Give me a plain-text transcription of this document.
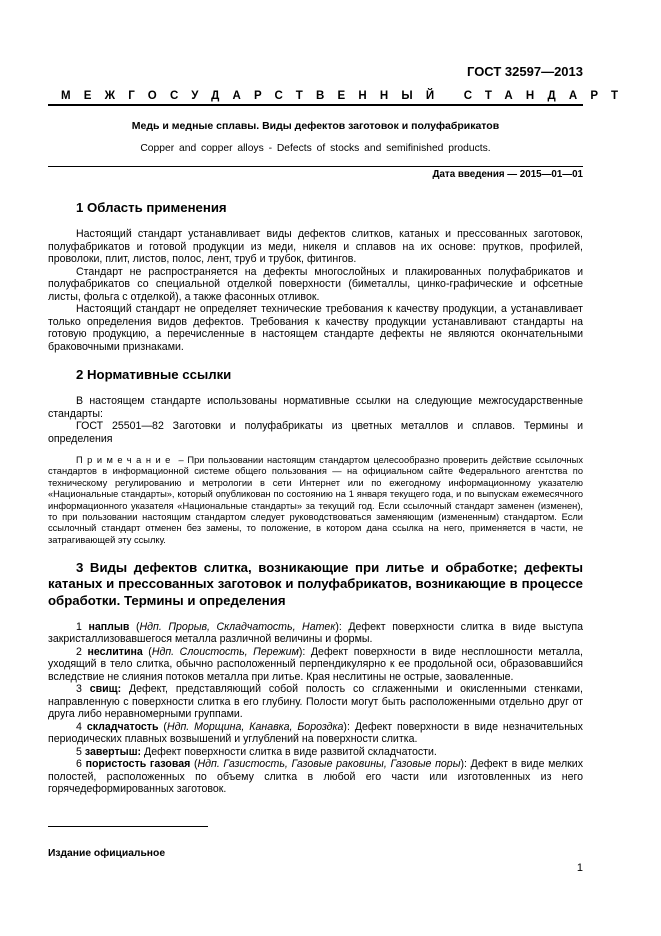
ГОСТ 32597—2013
МЕЖГОСУДАРСТВЕННЫЙ СТАНДАРТ
Медь и медные сплавы. Виды дефектов заготовок и полуфабрикатов
Copper and copper alloys - Defects of stocks and semifinished products.
Дата введения — 2015—01—01
1 Область применения

Настоящий стандарт устанавливает виды дефектов слитков, катаных и прессованных заготовок, полуфабрикатов и готовой продукции из меди, никеля и сплавов на их основе: прутков, профилей, проволоки, плит, листов, полос, лент, труб и трубок, фитингов.

Стандарт не распространяется на дефекты многослойных и плакированных полуфабрикатов и полуфабрикатов со специальной отделкой поверхности (биметаллы, цинко-графические и офсетные листы, фольга с отделкой), а также фасонных отливок.

Настоящий стандарт не определяет технические требования к качеству продукции, а устанавливает только определения видов дефектов. Требования к качеству продукции устанавливают стандарты на готовую продукцию, а перечисленные в настоящем стандарте дефекты не являются окончательными браковочными признаками.

2 Нормативные ссылки

В настоящем стандарте использованы нормативные ссылки на следующие межгосударственные стандарты:

ГОСТ 25501—82 Заготовки и полуфабрикаты из цветных металлов и сплавов. Термины и определения

Примечание – При пользовании настоящим стандартом целесообразно проверить действие ссылочных стандартов в информационной системе общего пользования — на официальном сайте Федерального агентства по техническому регулированию и метрологии в сети Интернет или по ежегодному информационному указателю «Национальные стандарты», который опубликован по состоянию на 1 января текущего года, и по выпускам ежемесячного информационного указателя «Национальные стандарты» за текущий год. Если ссылочный стандарт заменен (изменен), то при пользовании настоящим стандартом следует руководствоваться заменяющим (измененным) стандартом. Если ссылочный стандарт отменен без замены, то положение, в котором дана ссылка на него, применяется в части, не затрагивающей эту ссылку.

3 Виды дефектов слитка, возникающие при литье и обработке; дефекты катаных и прессованных заготовок и полуфабрикатов, возникающие в процессе обработки. Термины и определения

1 наплыв (Ндп. Прорыв, Складчатость, Натек): Дефект поверхности слитка в виде выступа закристаллизовавшегося металла различной величины и формы.

2 неслитина (Ндп. Слоистость, Пережим): Дефект поверхности в виде несплошности металла, уходящий в тело слитка, обычно расположенный перпендикулярно к ее продольной оси, образовавшийся вследствие не слияния потоков металла при литье. Края неслитины не острые, заоваленные.

3 свищ: Дефект, представляющий собой полость со сглаженными и окисленными стенками, направленную с поверхности слитка в его глубину. Полости могут быть расположенными отдельно друг от друга либо неравномерными группами.

4 складчатость (Ндп. Морщина, Канавка, Бороздка): Дефект поверхности в виде незначительных периодических плавных возвышений и углублений на поверхности слитка.

5 завертыш: Дефект поверхности слитка в виде развитой складчатости.

6 пористость газовая (Ндп. Газистость, Газовые раковины, Газовые поры): Дефект в виде мелких полостей, расположенных по объему слитка в любой его части или изготовленных из него горячедеформированных заготовок.

Издание официальное
1
